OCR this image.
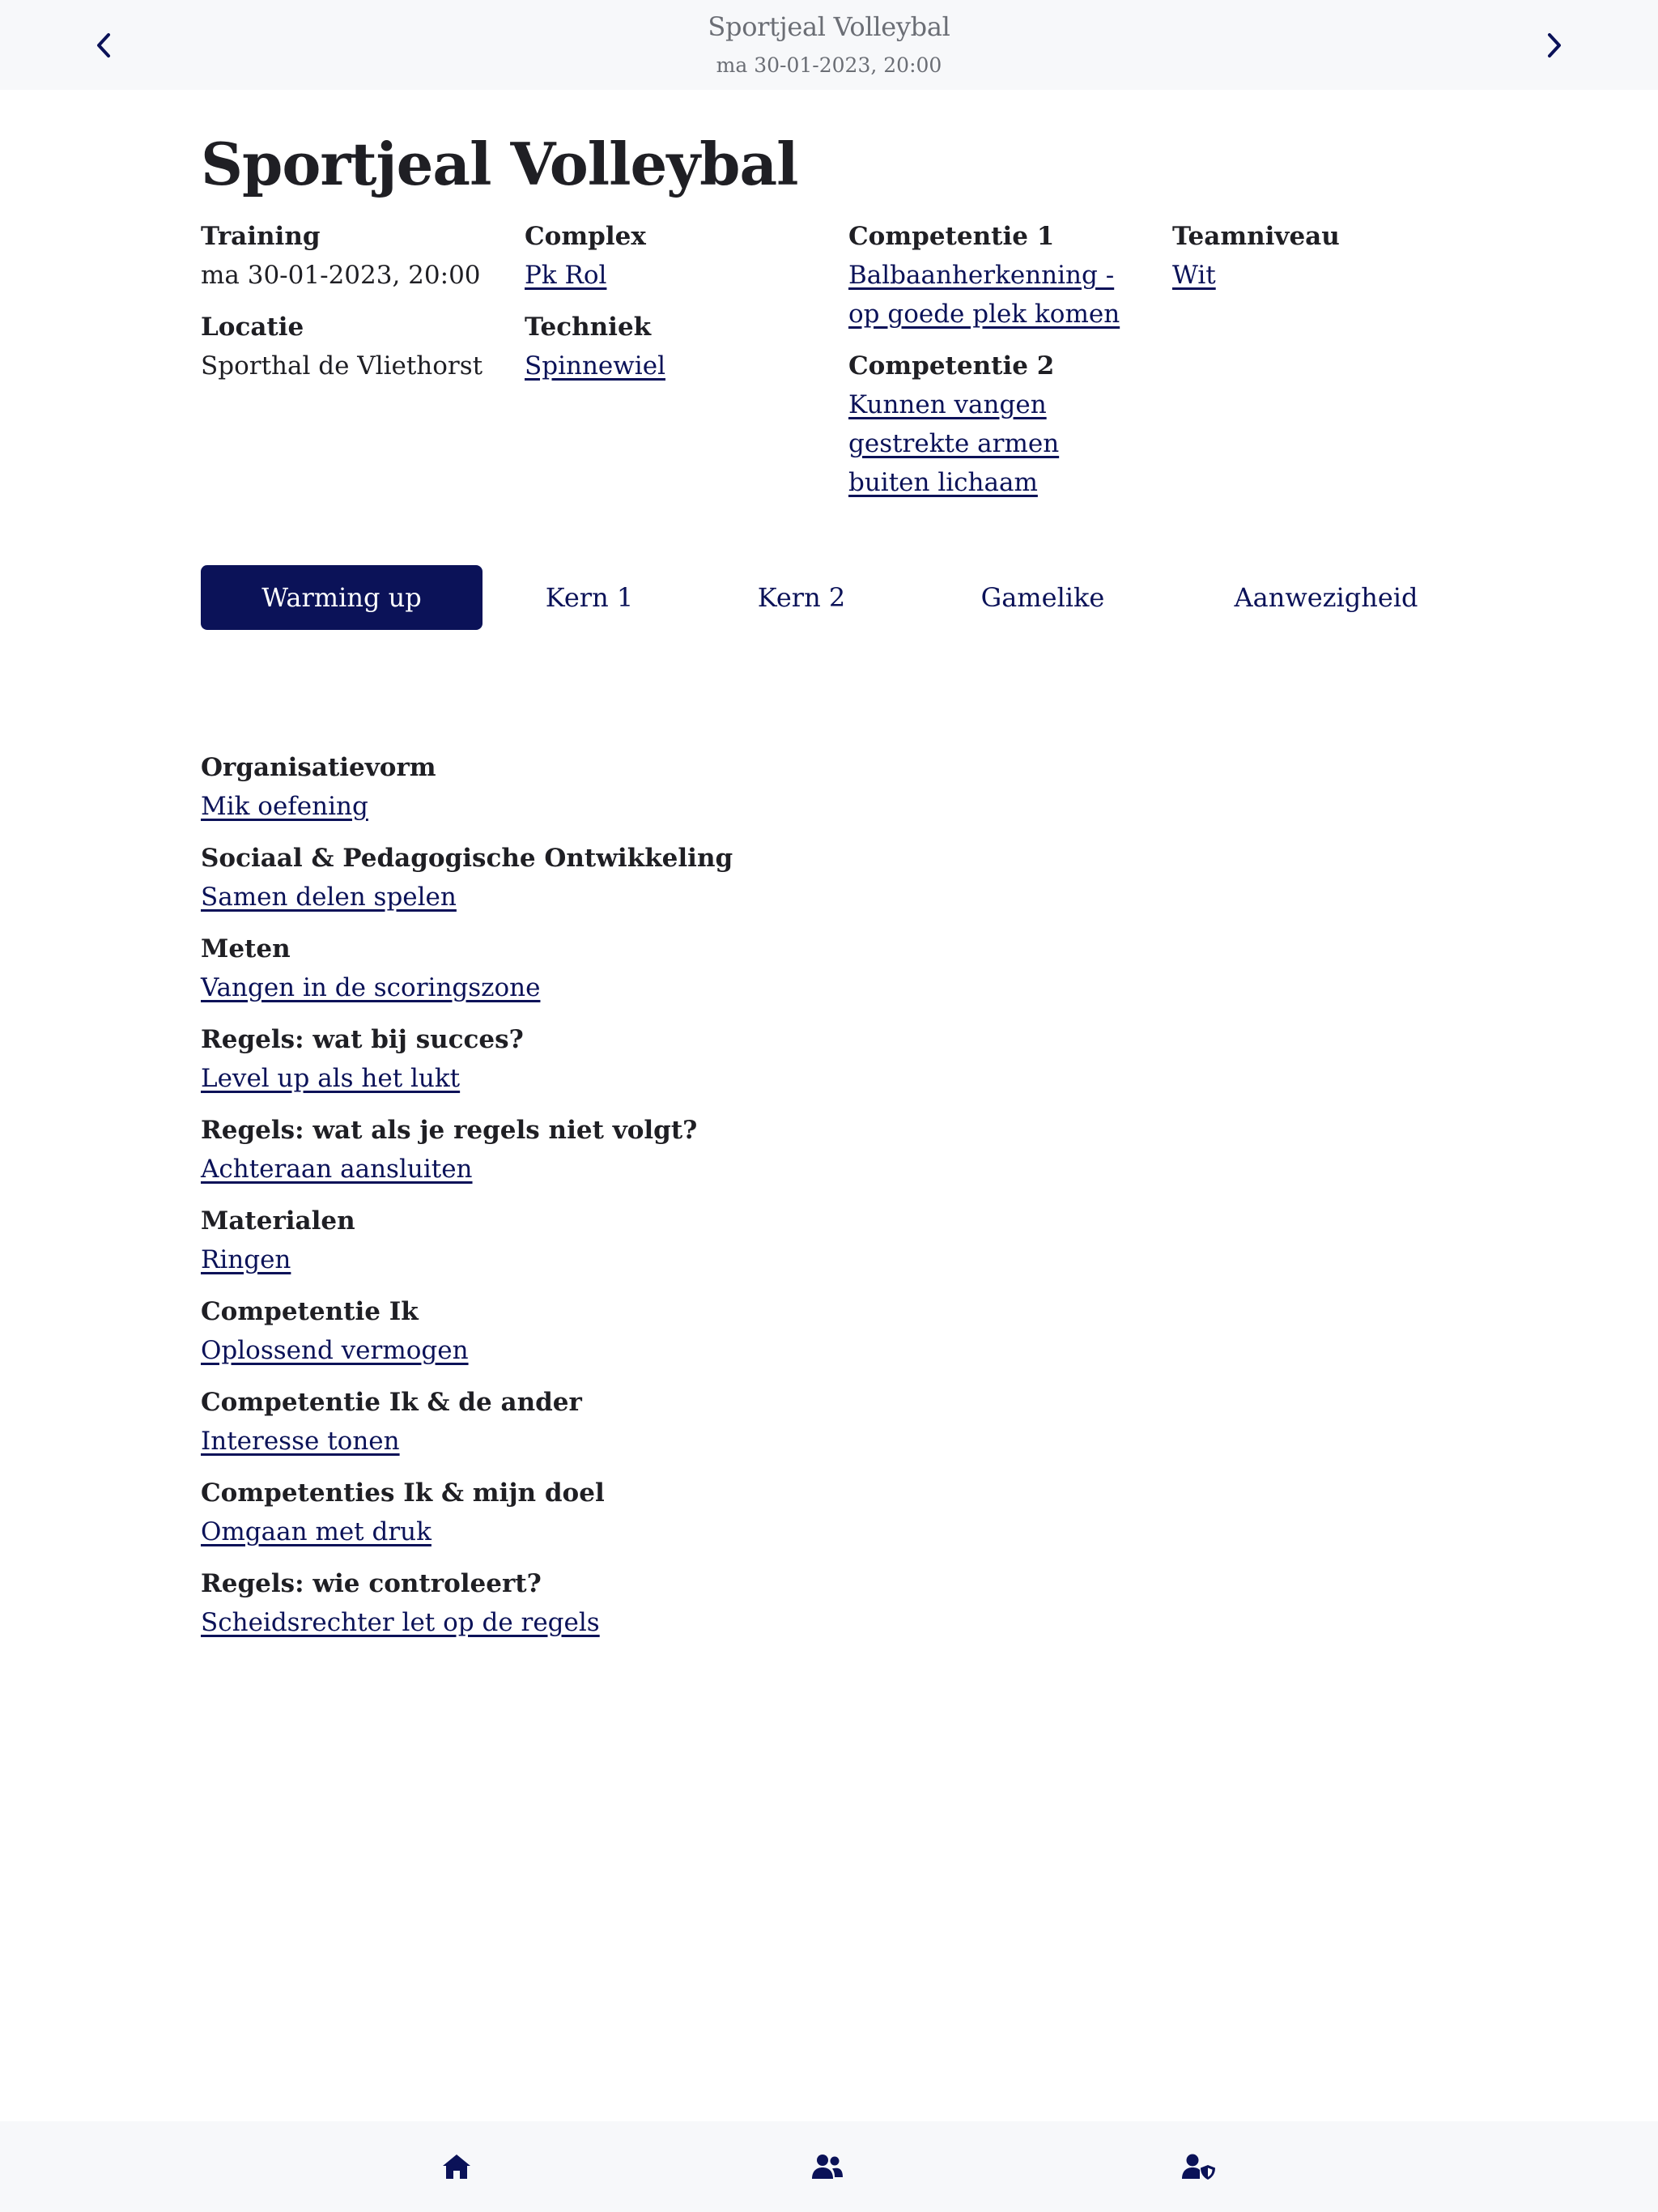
Sportjeal Volleybal
ma 30-01-2023, 20:00
Sportjeal Volleybal
Training
ma 30-01-2023, 20:00
Locatie
Sporthal de Vliethorst
Complex
Pk Rol
Techniek
Spinnewiel
Competentie 1
Balbaanherkenning - op goede plek komen
Competentie 2
Kunnen vangen gestrekte armen buiten lichaam
Teamniveau
Wit
Warming up	Kern 1	Kern 2	Gamelike	Aanwezigheid
Organisatievorm
Mik oefening
Sociaal & Pedagogische Ontwikkeling
Samen delen spelen
Meten
Vangen in de scoringszone
Regels: wat bij succes?
Level up als het lukt
Regels: wat als je regels niet volgt?
Achteraan aansluiten
Materialen
Ringen
Competentie Ik
Oplossend vermogen
Competentie Ik & de ander
Interesse tonen
Competenties Ik & mijn doel
Omgaan met druk
Regels: wie controleert?
Scheidsrechter let op de regels
